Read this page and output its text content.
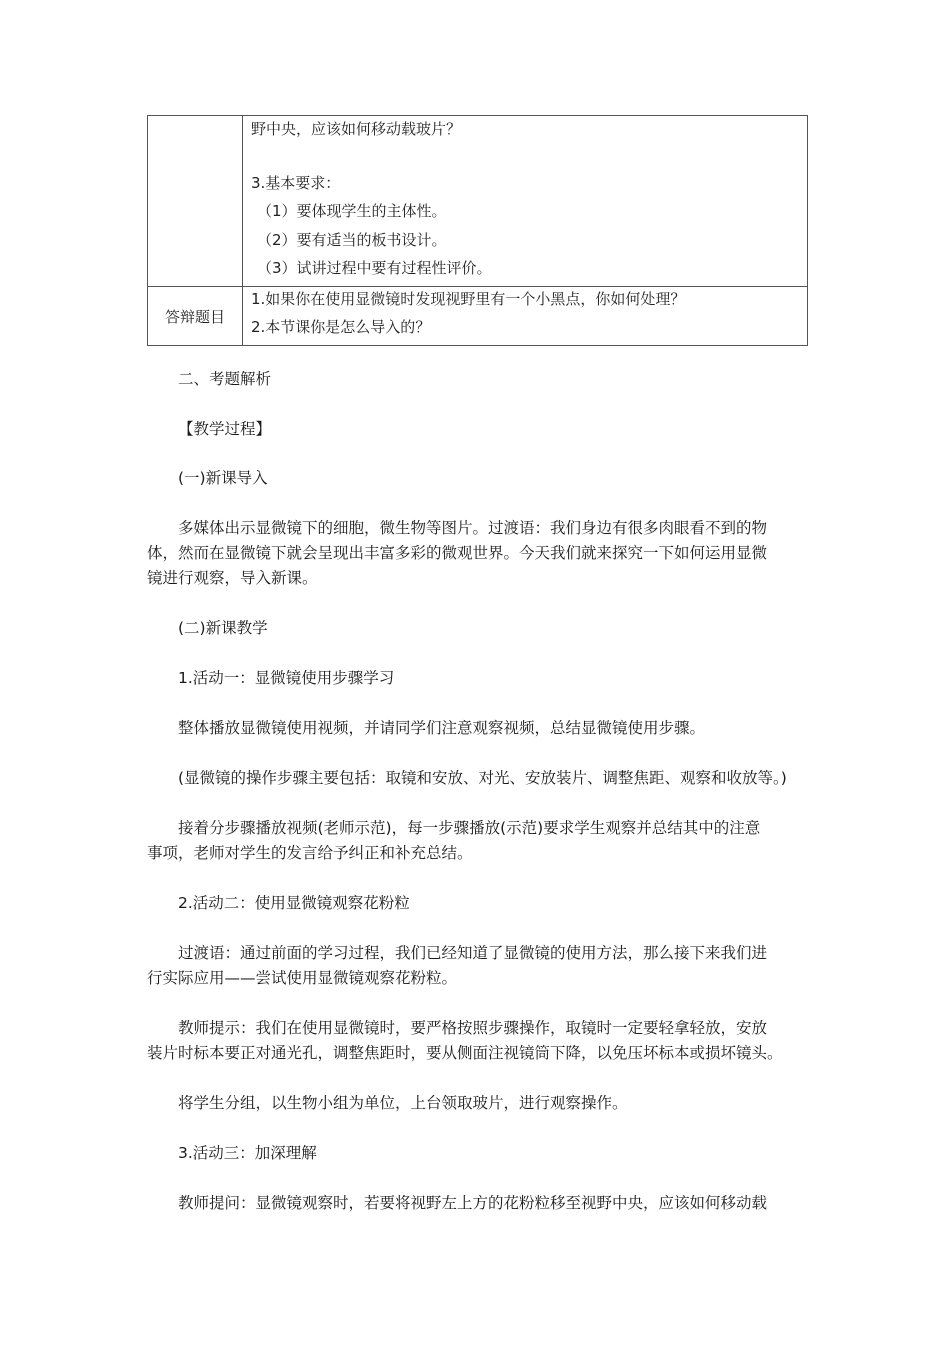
	野中央，应该如何移动载玻片？
3.基本要求：
（1）要体现学生的主体性。
（2）要有适当的板书设计。
（3）试讲过程中要有过程性评价。

答辩题目	1.如果你在使用显微镜时发现视野里有一个小黑点，你如何处理？
2.本节课你是怎么导入的？
二、考题解析
【教学过程】
(一)新课导入
多媒体出示显微镜下的细胞，微生物等图片。过渡语：我们身边有很多肉眼看不到的物
体，然而在显微镜下就会呈现出丰富多彩的微观世界。今天我们就来探究一下如何运用显微
镜进行观察，导入新课。
(二)新课教学
1.活动一：显微镜使用步骤学习
整体播放显微镜使用视频，并请同学们注意观察视频，总结显微镜使用步骤。
(显微镜的操作步骤主要包括：取镜和安放、对光、安放装片、调整焦距、观察和收放等。)
接着分步骤播放视频(老师示范)，每一步骤播放(示范)要求学生观察并总结其中的注意
事项，老师对学生的发言给予纠正和补充总结。
2.活动二：使用显微镜观察花粉粒
过渡语：通过前面的学习过程，我们已经知道了显微镜的使用方法，那么接下来我们进
行实际应用——尝试使用显微镜观察花粉粒。
教师提示：我们在使用显微镜时，要严格按照步骤操作，取镜时一定要轻拿轻放，安放
装片时标本要正对通光孔，调整焦距时，要从侧面注视镜筒下降，以免压坏标本或损坏镜头。
将学生分组，以生物小组为单位，上台领取玻片，进行观察操作。
3.活动三：加深理解
教师提问：显微镜观察时，若要将视野左上方的花粉粒移至视野中央，应该如何移动载
